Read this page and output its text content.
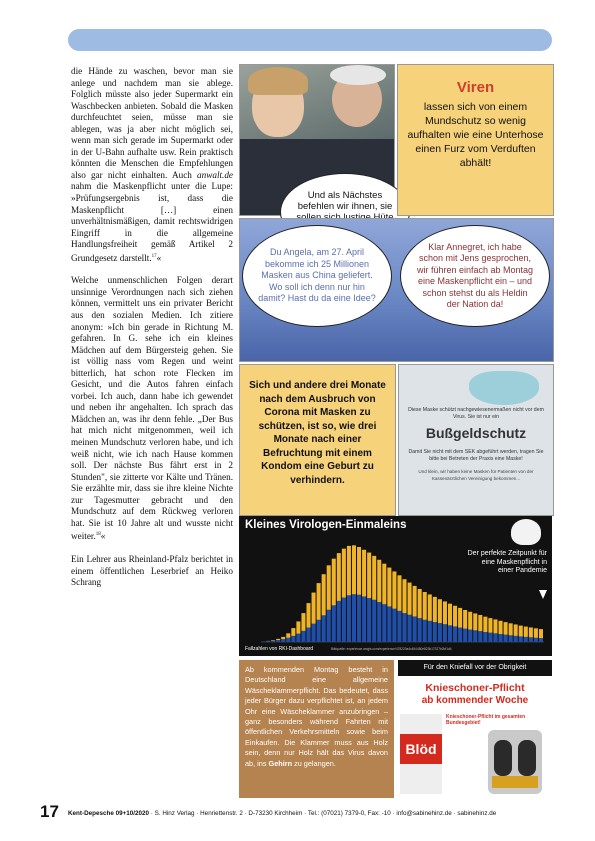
die Hände zu waschen, bevor man sie anlege und nachdem man sie ablege. Folglich müsste also jeder Supermarkt ein Waschbecken anbieten. Sobald die Masken durchfeuchtet seien, müsse man sie ablegen, was ja aber nicht möglich sei, wenn man sich gerade im Supermarkt oder in der U-Bahn aufhalte usw. Rein praktisch könnten die Menschen die Empfehlungen also gar nicht einhalten. Auch anwalt.de nahm die Maskenpflicht unter die Lupe: »Prüfungsergebnis ist, dass die Maskenpflicht […] einen unverhältnismäßigen, damit rechtswidrigen Eingriff in die allgemeine Handlungsfreiheit gemäß Artikel 2 Grundgesetz darstellt.$^{17}$«

Welche unmenschlichen Folgen derart unsinnige Verordnungen nach sich ziehen können, vermittelt uns ein privater Bericht aus den sozialen Medien. Ich zitiere anonym: »Ich bin gerade in Richtung M. gefahren. In G. sehe ich ein kleines Mädchen auf dem Bürgersteig gehen. Sie ist völlig nass vom Regen und weint bitterlich, hat schon rote Flecken im Gesicht, und die Autos fahren einfach vorbei. Ich auch, dann habe ich gewendet und neben ihr angehalten. Ich sprach das Mädchen an, was ihr denn fehle. „Der Bus hat mich nicht mitgenommen, weil ich meinen Mundschutz verloren habe, und ich weiß nicht, wie ich nach Hause kommen soll. Der nächste Bus fährt erst in 2 Stunden", sie zitterte vor Kälte und Tränen. Sie erzählte mir, dass sie ihre kleine Nichte zur Tagesmutter gebracht und den Mundschutz auf dem Rückweg verloren hat. Sie ist 10 Jahre alt und wusste nicht weiter.$^{18}$«

Ein Lehrer aus Rheinland-Pfalz berichtet in einem öffentlichen Leserbrief an Heiko Schrang

Und als Nächstes befehlen wir ihnen, sie
Viren
lassen sich von einem Mundschutz so wenig aufhalten wie eine Unterhose einen Furz vom Verduften abhält!
Du Angela, am 27. April bekomme ich 25 Millionen Masken aus China geliefert. Wo soll ich denn nur hin damit? Hast du da eine Idee?
Klar Annegret, ich habe schon mit Jens gesprochen, wir führen einfach ab Montag eine Maskenpflicht ein – und schon stehst du als Heldin der Nation da!
Sich und andere drei Monate nach dem Ausbruch von Corona mit Masken zu schützen, ist so, wie drei Monate nach einer Befruchtung mit einem Kondom eine Geburt zu verhindern.
Diese Maske schützt nachgewiesenermaßen nicht vor dem Virus. Sie ist nur ein
Bußgeldschutz
Damit Sie nicht mit dem SEK abgeführt werden, tragen Sie bitte bei Betreten der Praxis eine Maske!
Und klein, wir haben keine Masken für Patienten von der Kassenärztlichen Vereinigung bekommen...
Kleines Virologen-Einmaleins
Der perfekte Zeitpunkt für eine Maskenpflicht in einer Pandemie
Fallzahlen von RKI-Dashboard	Bildquelle: experience.arcgis.com/experience/478220a4c454480e823b17327b2bf1d4
Ab kommenden Montag besteht in Deutschland eine allgemeine Wäscheklammerpflicht. Das bedeutet, dass jeder Bürger dazu verpflichtet ist, an jedem Ohr eine Wäscheklammer anzubringen – ganz besonders während Fahrten mit öffentlichen Verkehrsmitteln sowie beim Einkaufen. Die Klammer muss aus Holz sein, denn nur Holz hält das Virus davon ab, ins Gehirn zu gelangen.
Für den Kniefall vor der Obrigkeit
Knieschoner-Pflicht
ab kommender Woche
Blöd
Knieschoner-Pflicht im gesamten Bundesgebiet!
17 Kent-Depesche 09+10/2020 · S. Hinz Verlag · Henriettenstr. 2 · D-73230 Kirchheim · Tel.: (07021) 7379-0, Fax: -10 · info@sabinehinz.de · sabinehinz.de
